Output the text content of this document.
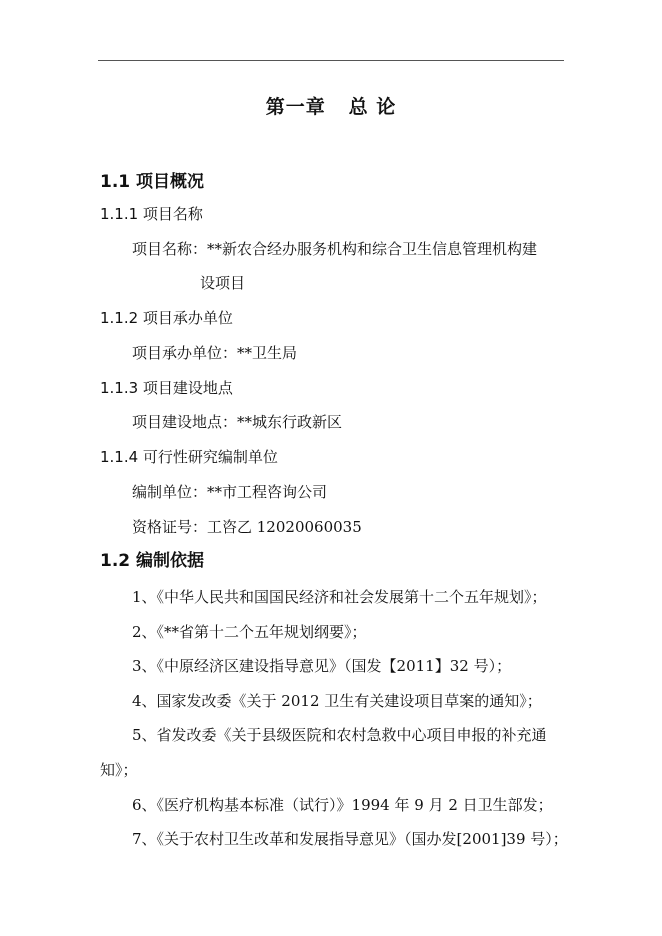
第一章   总 论
1.1 项目概况
1.1.1 项目名称
项目名称：**新农合经办服务机构和综合卫生信息管理机构建
设项目
1.1.2 项目承办单位
项目承办单位：**卫生局
1.1.3 项目建设地点
项目建设地点：**城东行政新区
1.1.4 可行性研究编制单位
编制单位：**市工程咨询公司
资格证号：工咨乙 12020060035
1.2 编制依据
1、《中华人民共和国国民经济和社会发展第十二个五年规划》；
2、《**省第十二个五年规划纲要》；
3、《中原经济区建设指导意见》（国发【2011】32 号）；
4、国家发改委《关于 2012 卫生有关建设项目草案的通知》；
5、省发改委《关于县级医院和农村急救中心项目申报的补充通
知》；
6、《医疗机构基本标准（试行）》1994 年 9 月 2 日卫生部发；
7、《关于农村卫生改革和发展指导意见》（国办发[2001]39 号）；
